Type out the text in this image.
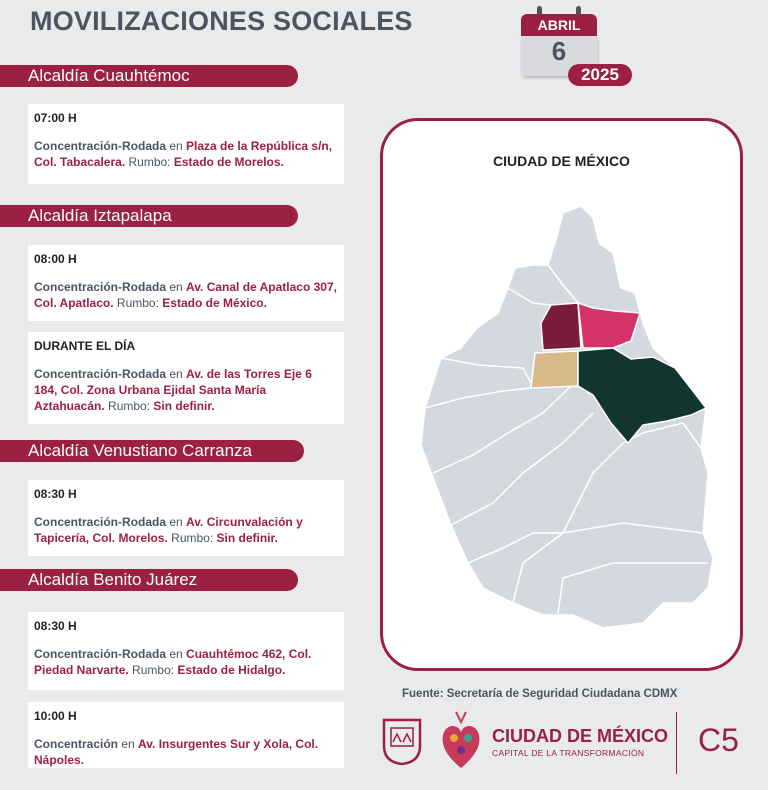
MOVILIZACIONES SOCIALES	ABRIL
6
2025
Alcaldía Cuauhtémoc
07:00 H
Concentración-Rodada en Plaza de la República s/n, Col. Tabacalera. Rumbo: Estado de Morelos.
Alcaldía Iztapalapa
08:00 H
Concentración-Rodada en Av. Canal de Apatlaco 307, Col. Apatlaco. Rumbo: Estado de México.
DURANTE EL DÍA
Concentración-Rodada en Av. de las Torres Eje 6 184, Col. Zona Urbana Ejidal Santa María Aztahuacán. Rumbo: Sin definir.
Alcaldía Venustiano Carranza
08:30 H
Concentración-Rodada en Av. Circunvalación y Tapicería, Col. Morelos. Rumbo: Sin definir.
Alcaldía Benito Juárez
08:30 H
Concentración-Rodada en Cuauhtémoc 462, Col. Piedad Narvarte. Rumbo: Estado de Hidalgo.
10:00 H
Concentración en Av. Insurgentes Sur y Xola, Col. Nápoles.
CIUDAD DE MÉXICO
Fuente: Secretaría de Seguridad Ciudadana CDMX
CIUDAD DE MÉXICO
CAPITAL DE LA TRANSFORMACIÓN C5
